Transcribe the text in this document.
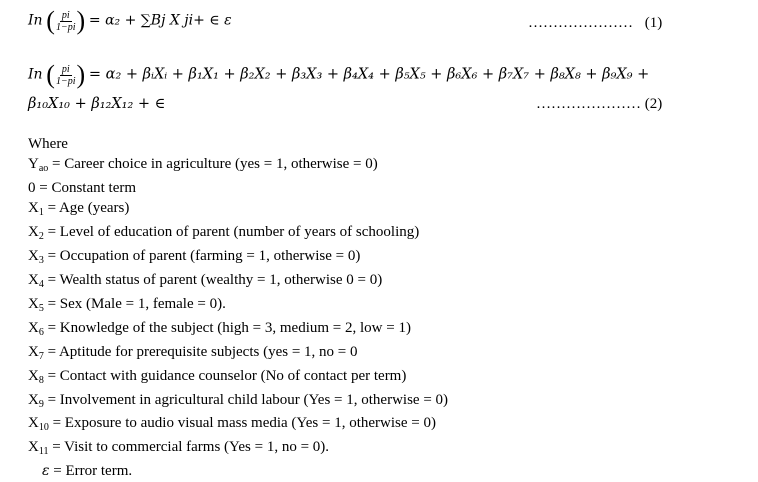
In ( $\frac{pi}{1-pi}$ ) = α₂ + ∑Bj X ji+ ∈ ε	………………… (1)
In ( $\frac{pi}{1-pi}$ ) = α₂ + βᵢXᵢ + β₁X₁ + β₂X₂ + β₃X₃ + β₄X₄ + β₅X₅ + β₆X₆ + β₇X₇ + β₈X₈ + β₉X₉ +
β₁₀X₁₀ + β₁₂X₁₂ + ∈	………………… (2)
Where
$Y_{ao}$ = Career choice in agriculture (yes = 1, otherwise = 0)
0 = Constant term
$X_1$ = Age (years)
$X_2$ = Level of education of parent (number of years of schooling)
$X_3$ = Occupation of parent (farming = 1, otherwise = 0)
$X_4$ = Wealth status of parent (wealthy = 1, otherwise 0 = 0)
$X_5$ = Sex (Male = 1, female = 0).
$X_6$ = Knowledge of the subject (high = 3, medium = 2, low = 1)
$X_7$ = Aptitude for prerequisite subjects (yes = 1, no = 0
$X_8$ = Contact with guidance counselor (No of contact per term)
$X_9$ = Involvement in agricultural child labour (Yes = 1, otherwise = 0)
$X_{10}$ = Exposure to audio visual mass media (Yes = 1, otherwise = 0)
$X_{11}$ = Visit to commercial farms (Yes = 1, no = 0).
ε = Error term.
